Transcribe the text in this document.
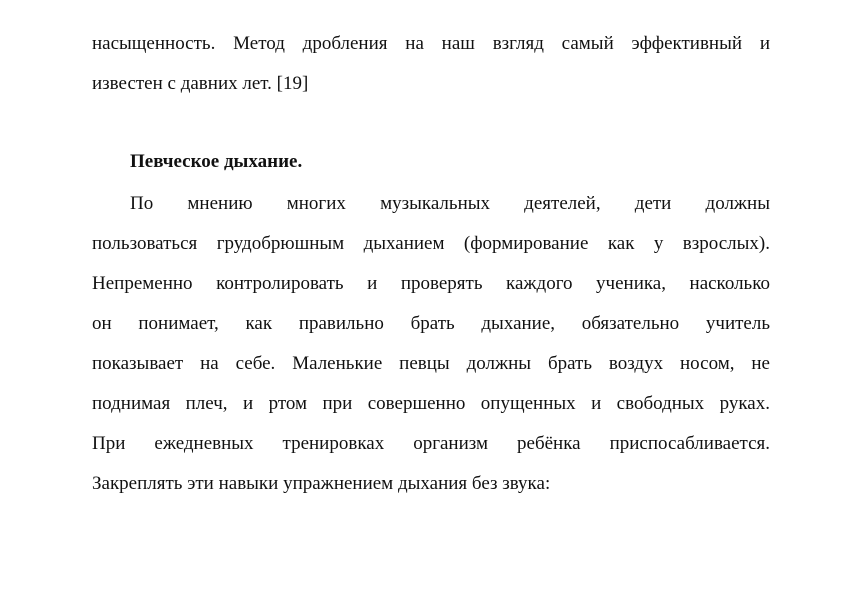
насыщенность. Метод дробления на наш взгляд самый эффективный и
известен с давних лет. [19]
Певческое дыхание.
По мнению многих музыкальных деятелей, дети должны
пользоваться грудобрюшным дыханием (формирование как у взрослых).
Непременно контролировать и проверять каждого ученика, насколько
он понимает, как правильно брать дыхание, обязательно учитель
показывает на себе. Маленькие певцы должны брать воздух носом, не
поднимая плеч, и ртом при совершенно опущенных и свободных руках.
При ежедневных тренировках организм ребёнка приспосабливается.
Закреплять эти навыки упражнением дыхания без звука:
